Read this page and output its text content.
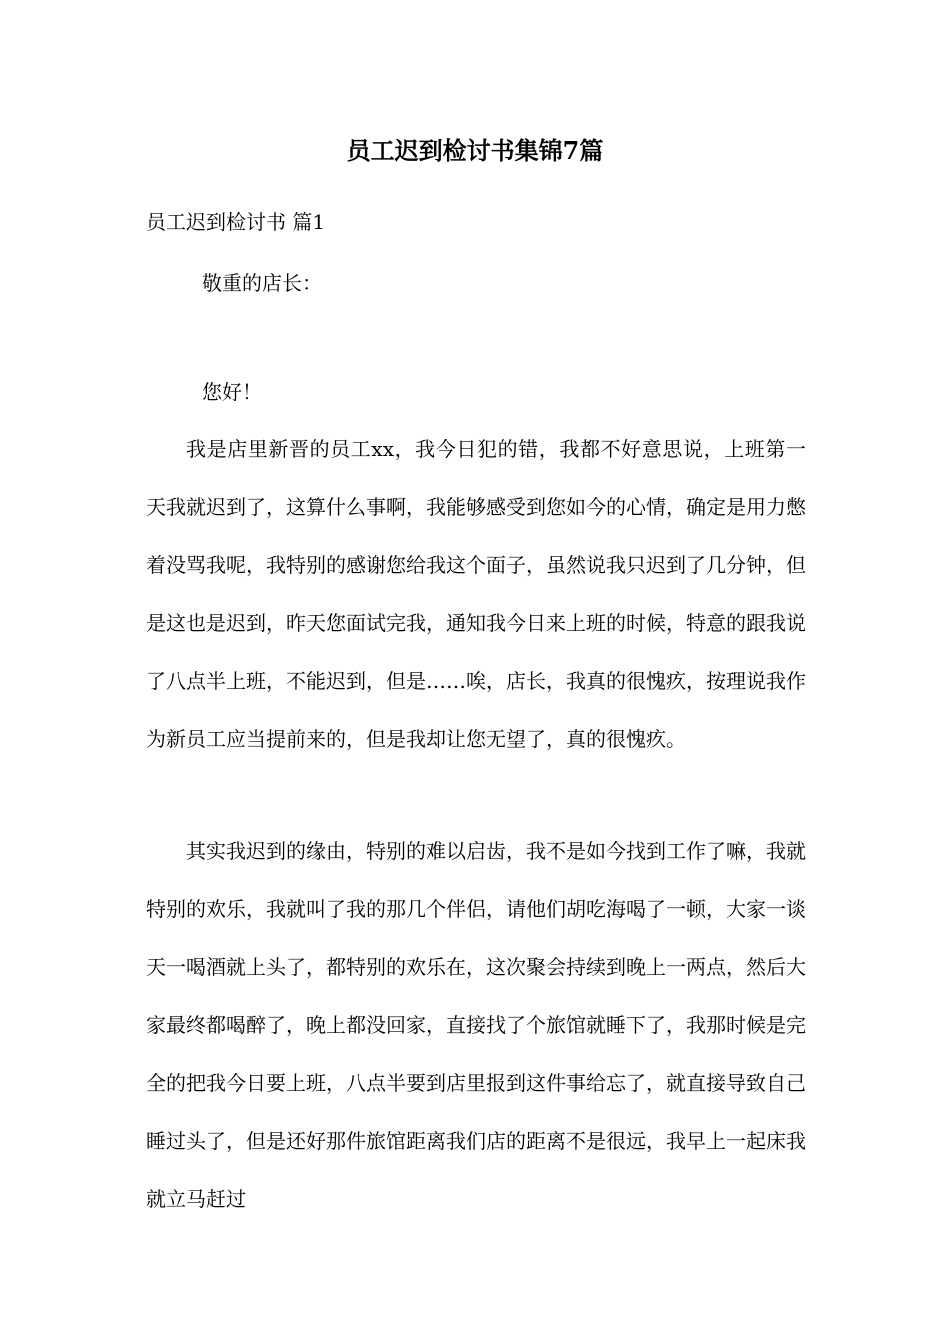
员工迟到检讨书集锦7篇

员工迟到检讨书 篇1

敬重的店长：

您好！

我是店里新晋的员工xx，我今日犯的错，我都不好意思说，上班第一天我就迟到了，这算什么事啊，我能够感受到您如今的心情，确定是用力憋着没骂我呢，我特别的感谢您给我这个面子，虽然说我只迟到了几分钟，但是这也是迟到，昨天您面试完我，通知我今日来上班的时候，特意的跟我说了八点半上班，不能迟到，但是……唉，店长，我真的很愧疚，按理说我作为新员工应当提前来的，但是我却让您无望了，真的很愧疚。

其实我迟到的缘由，特别的难以启齿，我不是如今找到工作了嘛，我就特别的欢乐，我就叫了我的那几个伴侣，请他们胡吃海喝了一顿，大家一谈天一喝酒就上头了，都特别的欢乐在，这次聚会持续到晚上一两点，然后大家最终都喝醉了，晚上都没回家，直接找了个旅馆就睡下了，我那时候是完全的把我今日要上班，八点半要到店里报到这件事给忘了，就直接导致自己睡过头了，但是还好那件旅馆距离我们店的距离不是很远，我早上一起床我就立马赶过
